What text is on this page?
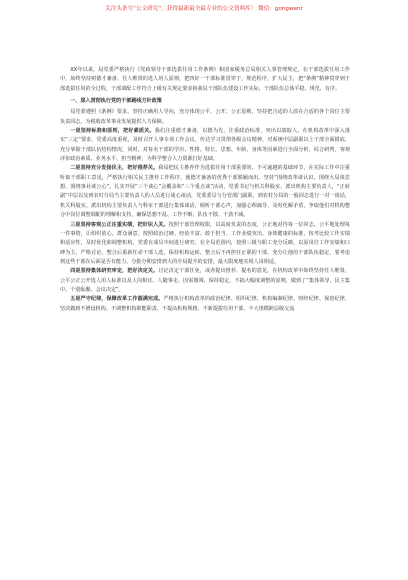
关注头条号“公文研究”，获得最新最全最专业的公文资料库！ 微信：gongwenr

XX年以来，局党委严格执行《党政领导干部选拔任用工作条例》和国家税务总局相关人事管理规定，在干部选拔任用工作中，始终坚持树德才兼备、任人唯贤的选人用人原则，把四好一干部标准贯穿于，规范程序，扩大民主，把“条例”精神贯穿到于部选拔任用的全过程，干部调配工作符合上级有关规定要求和我局干部队伍建设工作实际，干部队伍总体平稳、规范、有序。

一、深入贯彻执行党的干部路线方针政策

局党委遵照《条例》要求，坚持正确用人导向，充分体现公平、公开、公正原则。坚持把合适的人放在合适的各个岗位主要负责同志，为税收改革事业发展提供人力保障。

一是坚持标准和原则，把好素质关。我们注重德才兼备，以德为先，注重政治标准，突出以绩取人。在机构改革中深入落实“三定”要求，党委高度重视，及时召开人事专项工作会议，传达学习贯彻各级会议精神，对系统中层副职以上干部全面摸底，充分掌握干部队伍结构情况，同时，对每名干部的学历、性格、特长、思想、年龄、身体等因素进行全面分析，综合研判，客观评价政治素质、业务水平、担当精神，为科学整合人力资源打好基础。

二是坚持充分发扬民主，把好推荐关。我局把民主推荐作为选拔任用干部重要的、不可逾越的基础环节，在实际工作中注重听取干部职工意见，严格执行相关民主推荐工作程序，使德才兼备的优秀干部脱颖而出。坚持“围绕改革谈认识、围绕大局谈思想、围绕事业谈公心”，扎实开展“三个谈心”会覆盖和“三个重点谈”活动，党委书记与机关科股室、派出机构主要负责人，“正转副”中层以及到农村分局当主要负责人的人员进行谈心谈话，党委委员与分管部门副职，到农村分局的一般同志进行一对一谈话，机关科股室、派出机构主要负责人与科室干部进行集体谈话，倾听干部心声，加强心理疏导，及时化解矛盾，争取他们对机构整合中岗位调整调配的理解和支持，确保思想不乱、工作不断、队伍不散、干劲不减。

三是坚持客观公正注重实绩，把好识人关。按照干部管理权限，以高度负责的态度，公正地对待每一位同志，公平地处理每一件事情，让组织放心，群众满意。按照政治过硬、经验丰富、敢于担当、工作业绩突出、身体健康的标准，按考比较工作实绩和适应性，及时优化和调整机构，党委在成员中间进行研究，在全局范围内，按照三级与职工充分反映，以原岗位工作实绩和口碑为主，严格讨论，整合后重新任命干部人选，保持机构运转。整合后不再担任正职的干部，充分让他的干部队伍稳定，要考虑到这些干部在后面是否有能力，分批分期安排到大的全局提升的安排，最大限度地实现人岗相适。

四是坚持集体研究审定，把好决定关。讨论决定干部任免，或者提出推荐、提名的意见，在机构改革中始终坚持任人唯贤、公平公正公开选人用人标准以及人岗相宜、人随事走、因需微调、保持稳定，不搞大幅度调整的原则，做到了“集体领导、民主集中、个别酝酿、会议决定”。

五是严守纪律，保障改革工作圆满完成。严格执行机构改革的政治纪律、组织纪律、机构编制纪律、财经纪律、保密纪律，坚决做到不增设机构、不调整机构职能职责、不提高机构规格、不新提拔任用干部、不大规模跨层级交流
